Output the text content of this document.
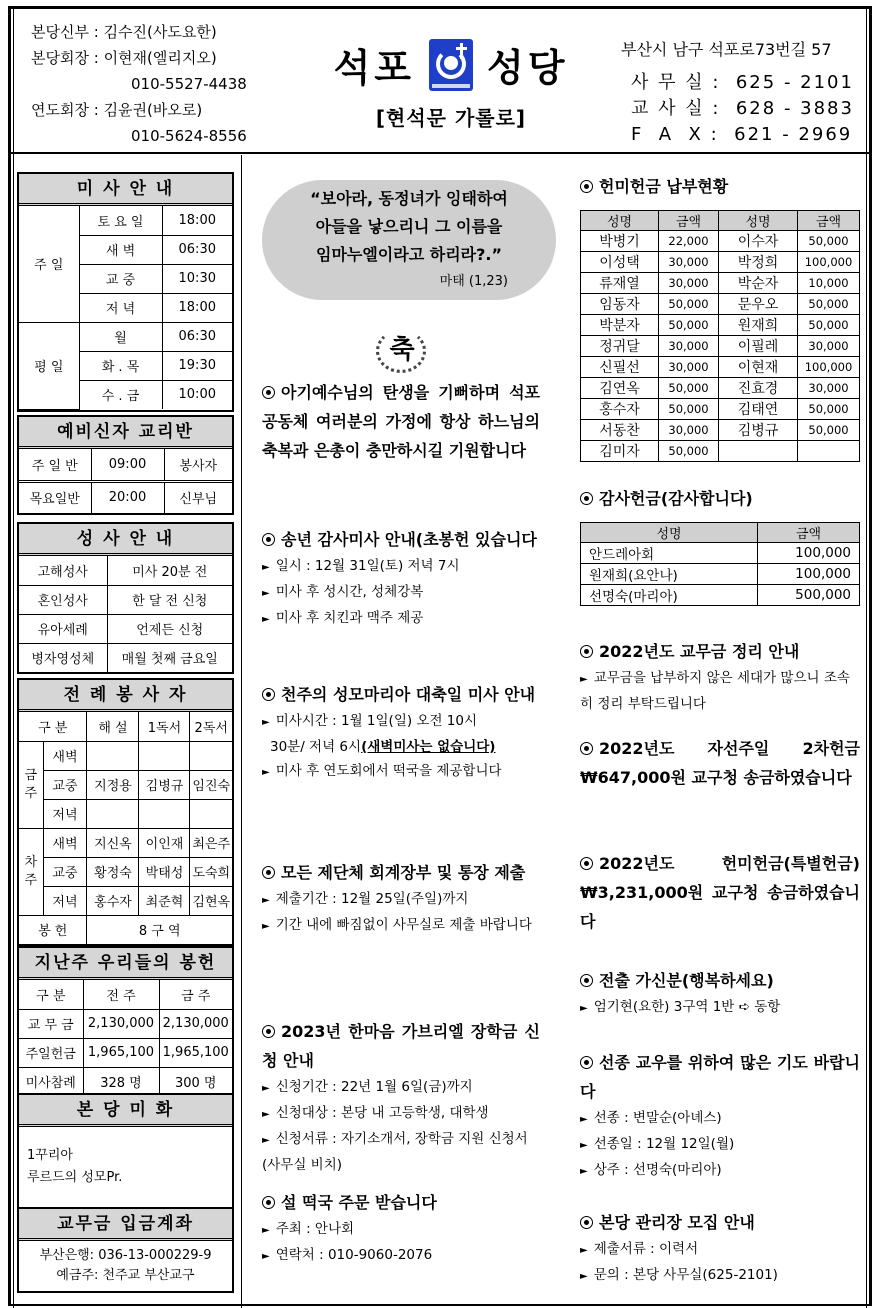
본당신부 : 김수진(사도요한)
본당회장 : 이현재(엘리지오)
010-5527-4438
연도회장 : 김윤권(바오로)
010-5624-8556
석포 성당
[현석문 가롤로]
부산시 남구 석포로73번길 57
사 무 실 : 625 - 2101
교 사 실 : 628 - 3883
F  A  X : 621 - 2969
미 사 안 내
주 일	토 요 일	18:00
	새 벽	06:30
	교 중	10:30
	저 녁	18:00
평 일	월	06:30
	화 . 목	19:30
	수 . 금	10:00
예비신자 교리반
주 일 반	09:00	봉사자
목요일반	20:00	신부님
성 사 안 내
고해성사	미사 20분 전
혼인성사	한 달 전 신청
유아세례	언제든 신청
병자영성체	매월 첫째 금요일
전 례 봉 사 자
구 분		해 설	1독서	2독서
금주	새벽			
	교중	지정용	김병규	임진숙
	저녁			
차주	새벽	지신옥	이인재	최은주
	교중	황정숙	박태성	도숙희
	저녁	홍수자	최준혁	김현옥
봉 헌		8 구 역		
지난주 우리들의 봉헌
구 분	전 주	금 주
교 무 금	2,130,000	2,130,000
주일헌금	1,965,100	1,965,100
미사참례	328 명	300 명
본 당 미 화
1꾸리아
루르드의 성모Pr.
교무금 입금계좌
부산은행: 036-13-000229-9
예금주: 천주교 부산교구
“보아라, 동정녀가 잉태하여
아들을 낳으리니 그 이름을
임마누엘이라고 하리라?.”
마태 (1,23)
축
아기예수님의 탄생을 기뻐하며 석포 공동체 여러분의 가정에 항상 하느님의 축복과 은총이 충만하시길 기원합니다
송년 감사미사 안내(초봉헌 있습니다
► 일시 : 12월 31일(토) 저녁 7시
► 미사 후 성시간, 성체강복
► 미사 후 치킨과 맥주 제공
천주의 성모마리아 대축일 미사 안내
► 미사시간 : 1월 1일(일) 오전 10시
30분/ 저녁 6시(새벽미사는 없습니다)
► 미사 후 연도회에서 떡국을 제공합니다
모든 제단체 회계장부 및 통장 제출
► 제출기간 : 12월 25일(주일)까지
► 기간 내에 빠짐없이 사무실로 제출 바랍니다
2023년 한마음 가브리엘 장학금 신청 안내
► 신청기간 : 22년 1월 6일(금)까지
► 신청대상 : 본당 내 고등학생, 대학생
► 신청서류 : 자기소개서, 장학금 지원 신청서(사무실 비치)
설 떡국 주문 받습니다
► 주최 : 안나회
► 연락처 : 010-9060-2076
헌미헌금 납부현황
성명	금액	성명	금액
박병기	22,000	이수자	50,000
이성택	30,000	박정희	100,000
류재열	30,000	박순자	10,000
임동자	50,000	문우오	50,000
박분자	50,000	원재희	50,000
정귀달	30,000	이필레	30,000
신필선	30,000	이현재	100,000
김연옥	50,000	진효경	30,000
홍수자	50,000	김태연	50,000
서동찬	30,000	김병규	50,000
김미자	50,000		
감사헌금(감사합니다)
성명	금액
안드레아회	100,000
원재희(요안나)	100,000
선명숙(마리아)	500,000
2022년도 교무금 정리 안내
► 교무금을 납부하지 않은 세대가 많으니 조속히 정리 부탁드립니다
2022년도 자선주일 2차헌금 ₩647,000원 교구청 송금하였습니다
2022년도 헌미헌금(특별헌금) ₩3,231,000원 교구청 송금하였습니다
전출 가신분(행복하세요)
► 엄기현(요한) 3구역 1반 ➪ 동항
선종 교우를 위하여 많은 기도 바랍니다
► 선종 : 변말순(아녜스)
► 선종일 : 12월 12일(월)
► 상주 : 선명숙(마리아)
본당 관리장 모집 안내
► 제출서류 : 이력서
► 문의 : 본당 사무실(625-2101)
